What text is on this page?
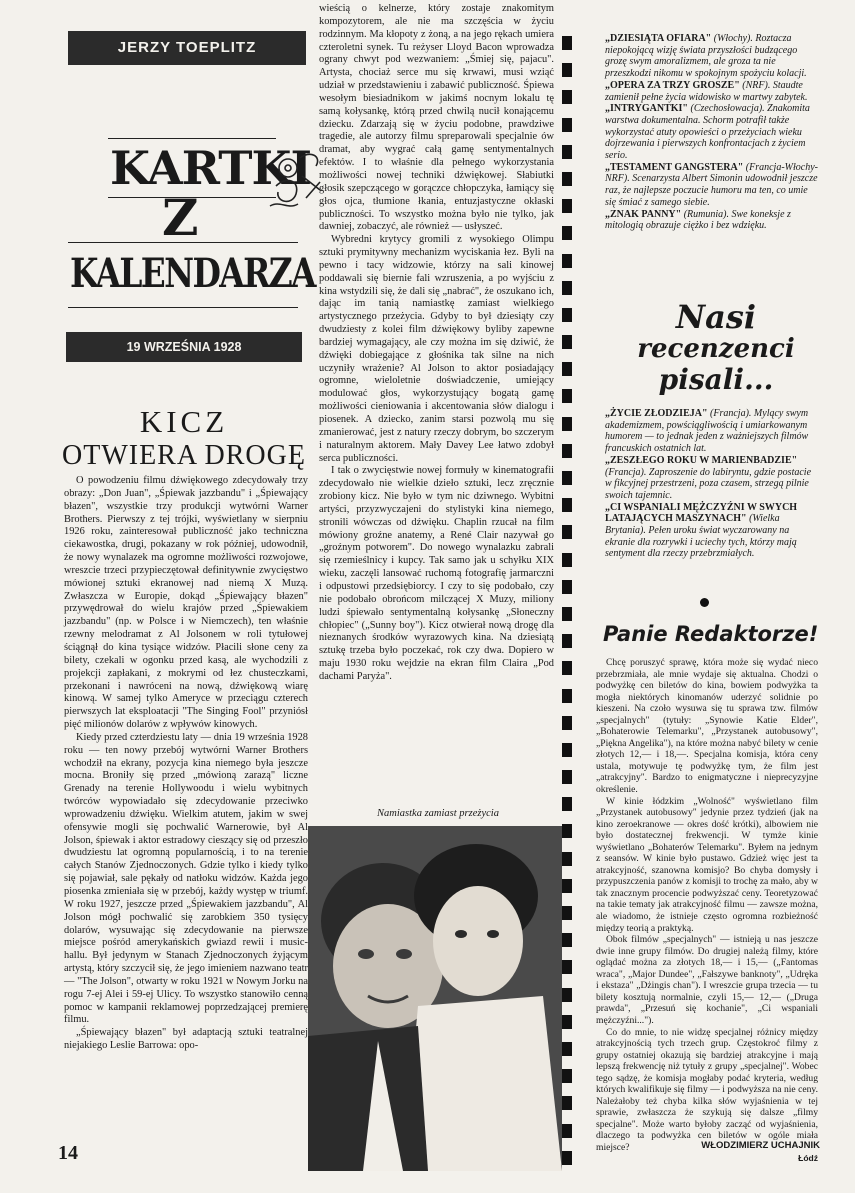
JERZY TOEPLITZ
KARTKI
Z
KALENDARZA
19 WRZEŚNIA 1928
KICZ
OTWIERA DROGĘ

O powodzeniu filmu dźwiękowego zdecydowały trzy obrazy: „Don Juan", „Śpiewak jazzbandu" i „Śpiewający błazen", wszystkie trzy produkcji wytwórni Warner Brothers. Pierwszy z tej trójki, wyświetlany w sierpniu 1926 roku, zainteresował publiczność jako techniczna ciekawostka, drugi, pokazany w rok później, udowodnił, że nowy wynalazek ma ogromne możliwości rozwojowe, wreszcie trzeci przypieczętował definitywnie zwycięstwo mówionej sztuki ekranowej nad niemą X Muzą. Zwłaszcza w Europie, dokąd „Śpiewający błazen" przywędrował do wielu krajów przed „Śpiewakiem jazzbandu" (np. w Polsce i w Niemczech), ten właśnie rzewny melodramat z Al Jolsonem w roli tytułowej ściągnął do kina tysiące widzów. Płacili słone ceny za bilety, czekali w ogonku przed kasą, ale wychodzili z projekcji zapłakani, z mokrymi od łez chusteczkami, przekonani i nawróceni na nową, dźwiękową wiarę kinową. W samej tylko Ameryce w przeciągu czterech pierwszych lat eksploatacji "The Singing Fool" przyniósł pięć milionów dolarów z wpływów kinowych.

Kiedy przed czterdziestu laty — dnia 19 września 1928 roku — ten nowy przebój wytwórni Warner Brothers wchodził na ekrany, pozycja kina niemego była jeszcze mocna. Broniły się przed „mówioną zarazą" liczne Grenady na terenie Hollywoodu i wielu wybitnych twórców wypowiadało się zdecydowanie przeciwko wprowadzeniu dźwięku. Wielkim atutem, jakim w swej ofensywie mogli się pochwalić Warnerowie, był Al Jolson, śpiewak i aktor estradowy cieszący się od przeszło dwudziestu lat ogromną popularnością, i to na terenie całych Stanów Zjednoczonych. Gdzie tylko i kiedy tylko się pojawiał, sale pękały od natłoku widzów. Każda jego piosenka zmieniała się w przebój, każdy występ w triumf. W roku 1927, jeszcze przed „Śpiewakiem jazzbandu", Al Jolson mógł pochwalić się zarobkiem 350 tysięcy dolarów, wysuwając się zdecydowanie na pierwsze miejsce pośród amerykańskich gwiazd rewii i music-hallu. Był jedynym w Stanach Zjednoczonych żyjącym artystą, który szczycił się, że jego imieniem nazwano teatr — "The Jolson", otwarty w roku 1921 w Nowym Jorku na rogu 7-ej Alei i 59-ej Ulicy. To wszystko stanowiło cenną pomoc w kampanii reklamowej poprzedzającej premierę filmu.

„Śpiewający błazen" był adaptacją sztuki teatralnej niejakiego Leslie Barrowa: opo-

14

wieścią o kelnerze, który zostaje znakomitym kompozytorem, ale nie ma szczęścia w życiu rodzinnym. Ma kłopoty z żoną, a na jego rękach umiera czteroletni synek. Tu reżyser Lloyd Bacon wprowadza ograny chwyt pod wezwaniem: „Śmiej się, pajacu". Artysta, chociaż serce mu się krwawi, musi wziąć udział w przedstawieniu i zabawić publiczność. Śpiewa wesołym biesiadnikom w jakimś nocnym lokalu tę samą kołysankę, którą przed chwilą nucił konającemu dziecku. Zdarzają się w życiu podobne, prawdziwe tragedie, ale autorzy filmu spreparowali specjalnie ów dramat, aby wygrać całą gamę sentymentalnych efektów. I to właśnie dla pełnego wykorzystania możliwości nowej techniki dźwiękowej. Słabiutki głosik szepczącego w gorączce chłopczyka, łamiący się głos ojca, tłumione łkania, entuzjastyczne okłaski publiczności. To wszystko można było nie tylko, jak dawniej, zobaczyć, ale również — usłyszeć.

Wybredni krytycy gromili z wysokiego Olimpu sztuki prymitywny mechanizm wyciskania łez. Byli na pewno i tacy widzowie, którzy na sali kinowej poddawali się biernie fali wzruszenia, a po wyjściu z kina wstydzili się, że dali się „nabrać", że oszukano ich, dając im tanią namiastkę zamiast wielkiego artystycznego przeżycia. Gdyby to był dziesiąty czy dwudziesty z kolei film dźwiękowy byliby zapewne bardziej wymagający, ale czy można im się dziwić, że dźwięki dobiegające z głośnika tak silne na nich uczyniły wrażenie? Al Jolson to aktor posiadający ogromne, wieloletnie doświadczenie, umiejący modulować głos, wykorzystujący bogatą gamę możliwości cieniowania i akcentowania słów dialogu i piosenek. A dziecko, zanim starsi pozwolą mu się zmanierować, jest z natury rzeczy dobrym, bo szczerym i naturalnym aktorem. Mały Davey Lee łatwo zdobył serca publiczności.

I tak o zwycięstwie nowej formuły w kinematografii zdecydowało nie wielkie dzieło sztuki, lecz zręcznie zrobiony kicz. Nie było w tym nic dziwnego. Wybitni artyści, przyzwyczajeni do stylistyki kina niemego, stronili wówczas od dźwięku. Chaplin rzucał na film mówiony groźne anatemy, a René Clair nazywał go „groźnym potworem". Do nowego wynalazku zabrali się rzemieślnicy i kupcy. Tak samo jak u schyłku XIX wieku, zaczęli lansować ruchomą fotografię jarmarczni i odpustowi przedsiębiorcy. I czy to się podobało, czy nie podobało obrońcom milczącej X Muzy, miliony ludzi śpiewało sentymentalną kołysankę „Słoneczny chłopiec" („Sunny boy"). Kicz otwierał nową drogę dla nieznanych środków wyrazowych kina. Na dziesiątą sztukę trzeba było poczekać, rok czy dwa. Dopiero w maju 1930 roku wejdzie na ekran film Claira „Pod dachami Paryża".

Namiastka zamiast przeżycia

„DZIESIĄTA OFIARA" (Włochy). Roztacza niepokojącą wizję świata przyszłości budzącego grozę swym amoralizmem, ale groza ta nie przeszkodzi nikomu w spokojnym spożyciu kolacji.

„OPERA ZA TRZY GROSZE" (NRF). Staudte zamienił pełne życia widowisko w martwy zabytek.

„INTRYGANTKI" (Czechosłowacja). Znakomita warstwa dokumentalna. Schorm potrafił także wykorzystać atuty opowieści o przeżyciach wieku dojrzewania i pierwszych konfrontacjach z życiem serio.

„TESTAMENT GANGSTERA" (Francja-Włochy-NRF). Scenarzysta Albert Simonin udowodnił jeszcze raz, że najlepsze poczucie humoru ma ten, co umie się śmiać z samego siebie.

„ZNAK PANNY" (Rumunia). Swe koneksje z mitologią obrazuje ciężko i bez wdzięku.

Nasi
recenzenci
pisali...

„ŻYCIE ZŁODZIEJA" (Francja). Mylący swym akademizmem, powściągliwością i umiarkowanym humorem — to jednak jeden z ważniejszych filmów francuskich ostatnich lat.

„ZESZŁEGO ROKU W MARIENBADZIE" (Francja). Zaproszenie do labiryntu, gdzie postacie w fikcyjnej przestrzeni, poza czasem, strzegą pilnie swoich tajemnic.

„CI WSPANIALI MĘŻCZYŹNI W SWYCH LATAJĄCYCH MASZYNACH" (Wielka Brytania). Pełen uroku świat wyczarowany na ekranie dla rozrywki i uciechy tych, którzy mają sentyment dla rzeczy przebrzmiałych.

Panie Redaktorze!

Chcę poruszyć sprawę, która może się wydać nieco przebrzmiała, ale mnie wydaje się aktualna. Chodzi o podwyżkę cen biletów do kina, bowiem podwyżka ta mogła niektórych kinomanów uderzyć solidnie po kieszeni. Na czoło wysuwa się tu sprawa tzw. filmów „specjalnych" (tytuły: „Synowie Katie Elder", „Bohaterowie Telemarku", „Przystanek autobusowy", „Piękna Angelika"), na które można nabyć bilety w cenie złotych 12,— i 18,—. Specjalna komisja, która ceny ustala, motywuje tę podwyżkę tym, że film jest „atrakcyjny". Bardzo to enigmatyczne i nieprecyzyjne określenie.

W kinie łódzkim „Wolność" wyświetlano film „Przystanek autobusowy" jedynie przez tydzień (jak na kino zeroekranowe — okres dość krótki), albowiem nie było dostatecznej frekwencji. W tymże kinie wyświetlano „Bohaterów Telemarku". Byłem na jednym z seansów. W kinie było pustawo. Gdzież więc jest ta atrakcyjność, szanowna komisjo? Bo chyba domysły i przypuszczenia panów z komisji to trochę za mało, aby w tak znacznym procencie podwyższać ceny. Teoretyzować na takie tematy jak atrakcyjność filmu — zawsze można, ale wiadomo, że istnieje często ogromna rozbieżność między teorią a praktyką.

Obok filmów „specjalnych" — istnieją u nas jeszcze dwie inne grupy filmów. Do drugiej należą filmy, które oglądać można za złotych 18,— i 15,— („Fantomas wraca", „Major Dundee", „Fałszywe banknoty", „Udręka i ekstaza" „Dżingis chan"). I wreszcie grupa trzecia — tu bilety kosztują normalnie, czyli 15,— 12,— („Druga prawda", „Przesuń się kochanie", „Ci wspaniali mężczyźni...").

Co do mnie, to nie widzę specjalnej różnicy między atrakcyjnością tych trzech grup. Częstokroć filmy z grupy ostatniej okazują się bardziej atrakcyjne i mają lepszą frekwencję niż tytuły z grupy „specjalnej". Wobec tego sądzę, że komisja mogłaby podać kryteria, według których kwalifikuje się filmy — i podwyższa na nie ceny. Należałoby też chyba kilka słów wyjaśnienia w tej sprawie, zwłaszcza że szykują się dalsze „filmy specjalne". Może warto byłoby zacząć od wyjaśnienia, dlaczego ta podwyżka cen biletów w ogóle miała miejsce?	WŁODZIMIERZ UCHAJNIK
Łódź
